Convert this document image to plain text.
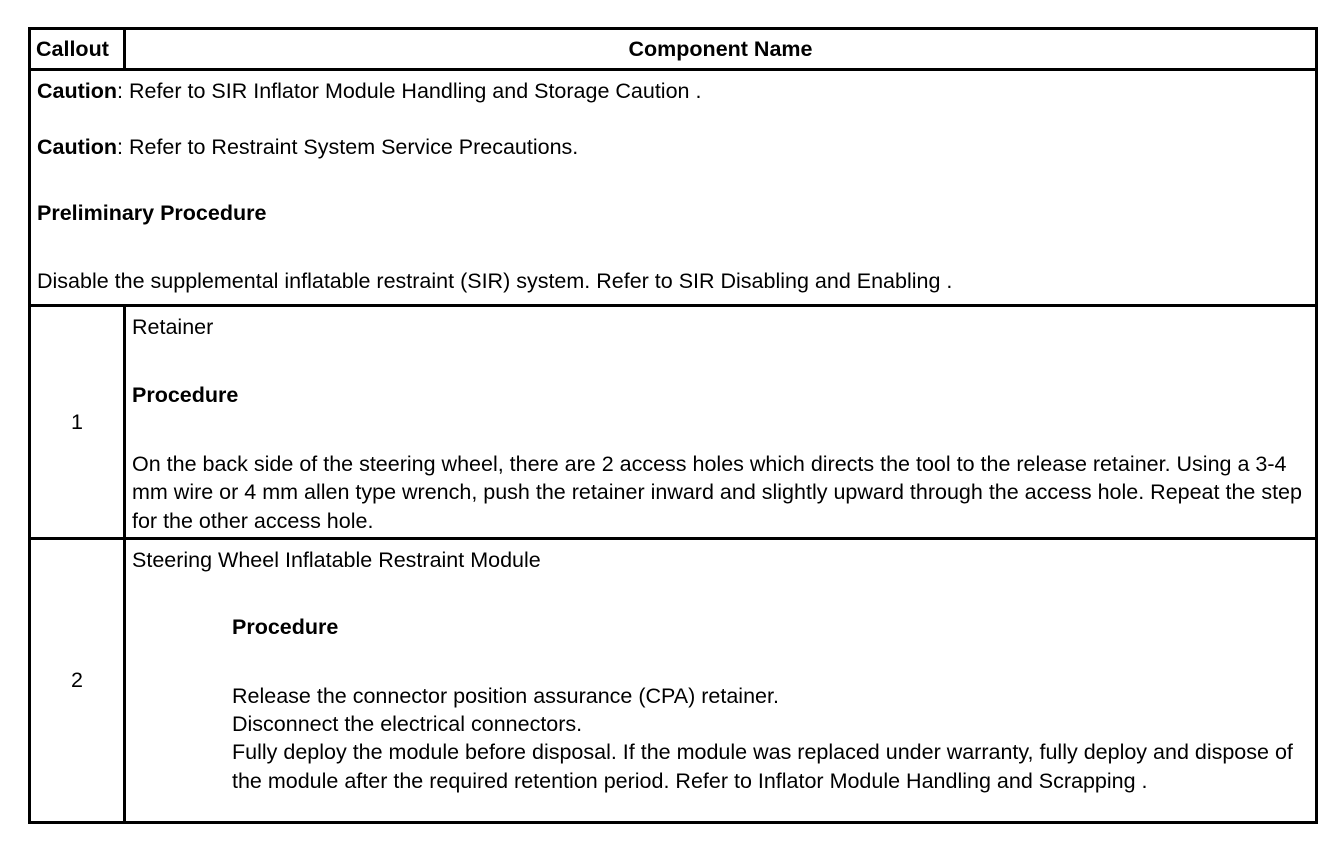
Callout	Component Name

Caution: Refer to SIR Inflator Module Handling and Storage Caution .

Caution: Refer to Restraint System Service Precautions.

Preliminary Procedure

Disable the supplemental inflatable restraint (SIR) system. Refer to SIR Disabling and Enabling .	

1	Retainer

Procedure

On the back side of the steering wheel, there are 2 access holes which directs the tool to the release retainer. Using a 3-4 mm wire or 4 mm allen type wrench, push the retainer inward and slightly upward through the access hole. Repeat the step for the other access hole.

2	Steering Wheel Inflatable Restraint Module

Procedure

Release the connector position assurance (CPA) retainer.

Disconnect the electrical connectors.

Fully deploy the module before disposal. If the module was replaced under warranty, fully deploy and dispose of the module after the required retention period. Refer to Inflator Module Handling and Scrapping .
